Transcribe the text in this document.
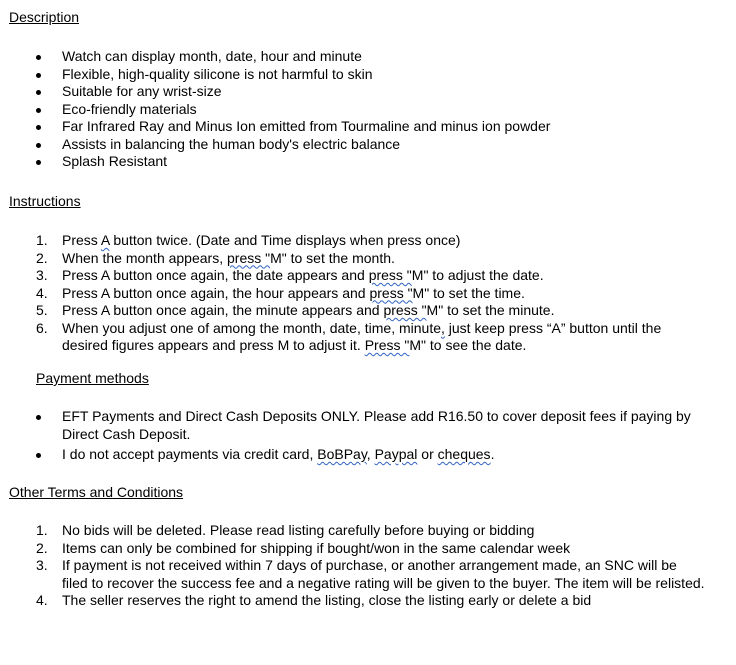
Description
Watch can display month, date, hour and minute
Flexible, high-quality silicone is not harmful to skin
Suitable for any wrist-size
Eco-friendly materials
Far Infrared Ray and Minus Ion emitted from Tourmaline and minus ion powder
Assists in balancing the human body's electric balance
Splash Resistant
Instructions
1.	Press A button twice. (Date and Time displays when press once)
2.	When the month appears, press "M" to set the month.
3.	Press A button once again, the date appears and press "M" to adjust the date.
4.	Press A button once again, the hour appears and press "M" to set the time.
5.	Press A button once again, the minute appears and press "M" to set the minute.
6.	When you adjust one of among the month, date, time, minute, just keep press “A” button until the desired figures appears and press M to adjust it. Press "M" to see the date.
Payment methods
EFT Payments and Direct Cash Deposits ONLY. Please add R16.50 to cover deposit fees if paying by Direct Cash Deposit.
I do not accept payments via credit card, BoBPay, Paypal or cheques.
Other Terms and Conditions
1.	No bids will be deleted. Please read listing carefully before buying or bidding
2.	Items can only be combined for shipping if bought/won in the same calendar week
3.	If payment is not received within 7 days of purchase, or another arrangement made, an SNC will be filed to recover the success fee and a negative rating will be given to the buyer. The item will be relisted.
4.	The seller reserves the right to amend the listing, close the listing early or delete a bid
